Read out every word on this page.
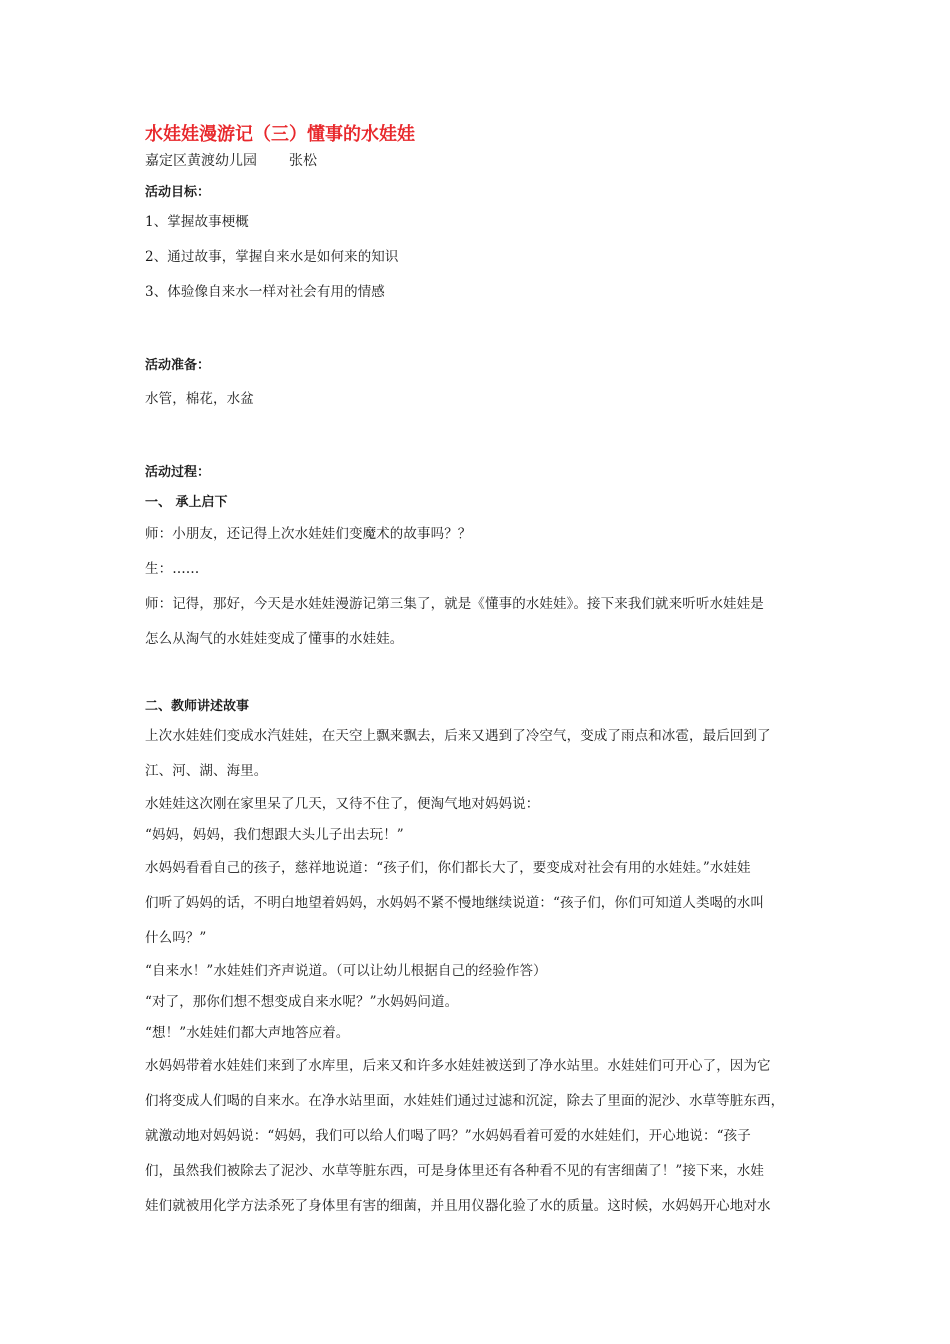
水娃娃漫游记（三）懂事的水娃娃

嘉定区黄渡幼儿园 张松

活动目标：

1、掌握故事梗概

2、通过故事，掌握自来水是如何来的知识

3、体验像自来水一样对社会有用的情感

活动准备：

水管，棉花，水盆

活动过程：

一、 承上启下

师：小朋友，还记得上次水娃娃们变魔术的故事吗？？

生：……

师：记得，那好，今天是水娃娃漫游记第三集了，就是《懂事的水娃娃》。接下来我们就来听听水娃娃是

怎么从淘气的水娃娃变成了懂事的水娃娃。

二、教师讲述故事

上次水娃娃们变成水汽娃娃，在天空上飘来飘去，后来又遇到了冷空气，变成了雨点和冰雹，最后回到了

江、河、湖、海里。

水娃娃这次刚在家里呆了几天，又待不住了，便淘气地对妈妈说：

“妈妈，妈妈，我们想跟大头儿子出去玩！”

水妈妈看看自己的孩子，慈祥地说道：“孩子们，你们都长大了，要变成对社会有用的水娃娃。”水娃娃

们听了妈妈的话，不明白地望着妈妈，水妈妈不紧不慢地继续说道：“孩子们，你们可知道人类喝的水叫

什么吗？”

“自来水！”水娃娃们齐声说道。（可以让幼儿根据自己的经验作答）

“对了，那你们想不想变成自来水呢？”水妈妈问道。

“想！”水娃娃们都大声地答应着。

水妈妈带着水娃娃们来到了水库里，后来又和许多水娃娃被送到了净水站里。水娃娃们可开心了，因为它

们将变成人们喝的自来水。在净水站里面，水娃娃们通过过滤和沉淀，除去了里面的泥沙、水草等脏东西，

就激动地对妈妈说：“妈妈，我们可以给人们喝了吗？”水妈妈看着可爱的水娃娃们，开心地说：“孩子

们，虽然我们被除去了泥沙、水草等脏东西，可是身体里还有各种看不见的有害细菌了！”接下来，水娃

娃们就被用化学方法杀死了身体里有害的细菌，并且用仪器化验了水的质量。这时候，水妈妈开心地对水
